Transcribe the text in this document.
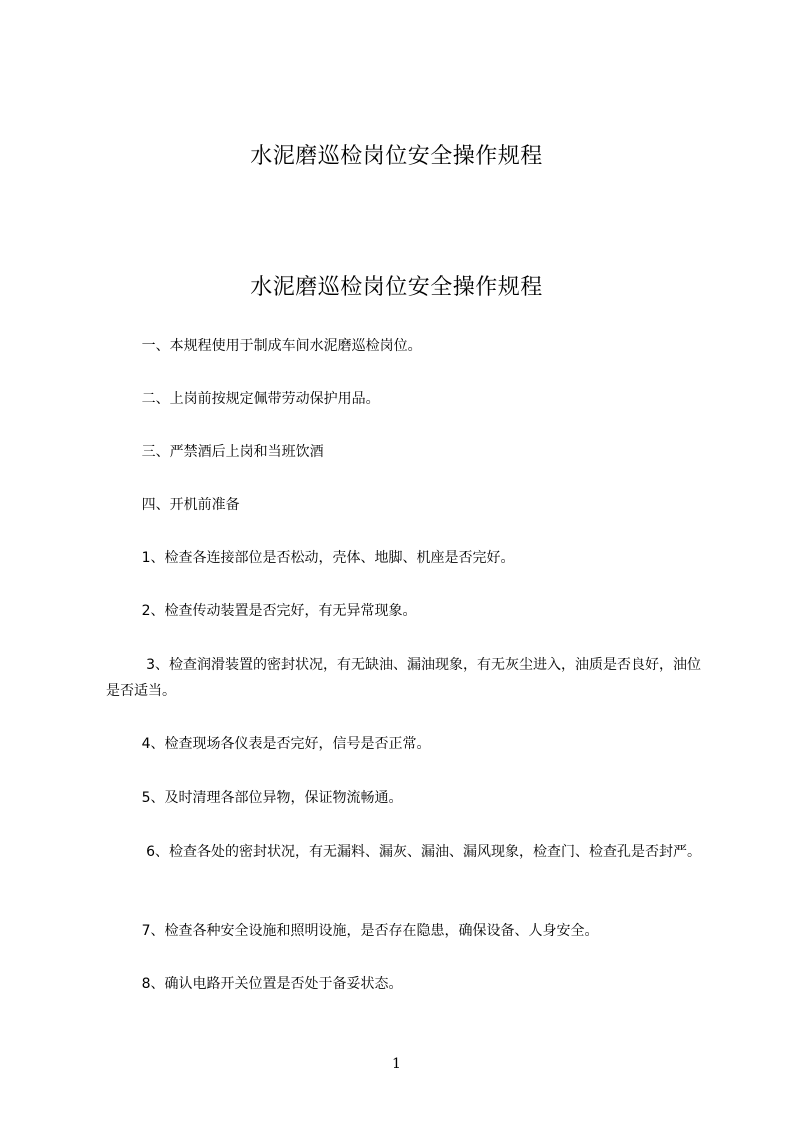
水泥磨巡检岗位安全操作规程
水泥磨巡检岗位安全操作规程
一、本规程使用于制成车间水泥磨巡检岗位。
二、上岗前按规定佩带劳动保护用品。
三、严禁酒后上岗和当班饮酒
四、开机前准备
1、检查各连接部位是否松动，壳体、地脚、机座是否完好。
2、检查传动装置是否完好，有无异常现象。
3、检查润滑装置的密封状况，有无缺油、漏油现象，有无灰尘进入，油质是否良好，油位是否适当。
4、检查现场各仪表是否完好，信号是否正常。
5、及时清理各部位异物，保证物流畅通。
6、检查各处的密封状况，有无漏料、漏灰、漏油、漏风现象，检查门、检查孔是否封严。
7、检查各种安全设施和照明设施，是否存在隐患，确保设备、人身安全。
8、确认电路开关位置是否处于备妥状态。
1
